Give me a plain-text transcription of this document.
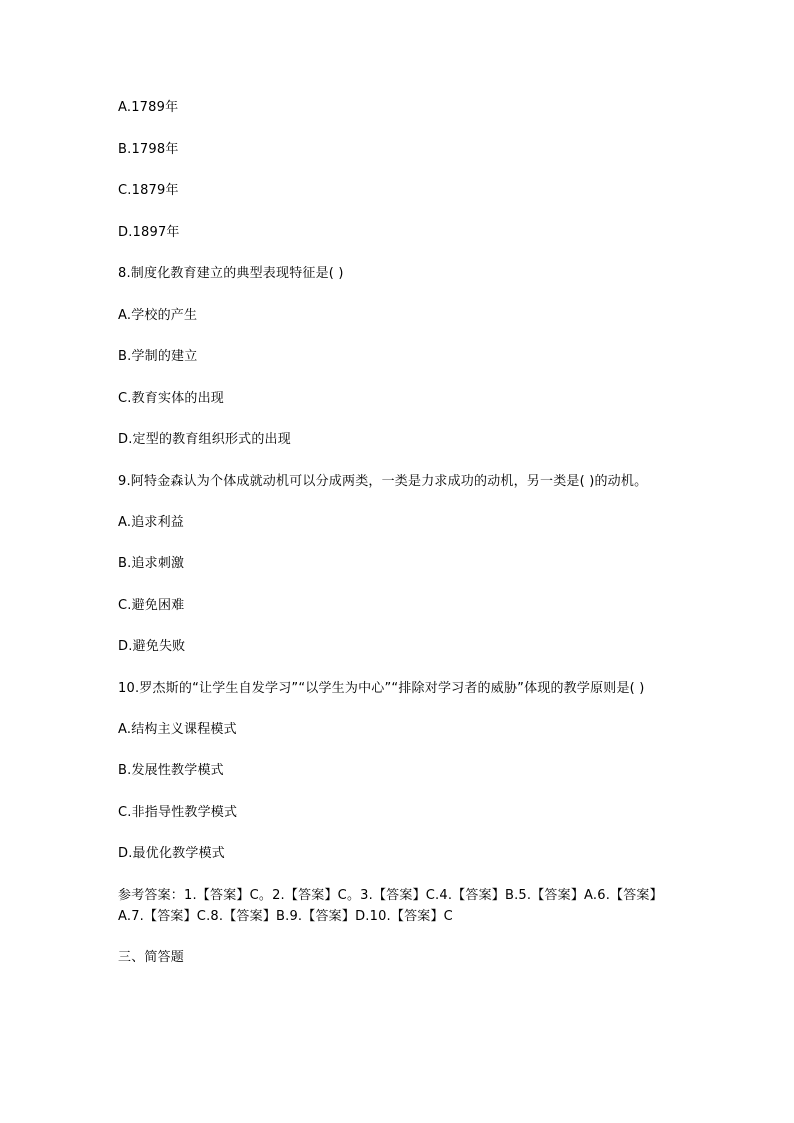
A.1789年

B.1798年

C.1879年

D.1897年

8.制度化教育建立的典型表现特征是( )

A.学校的产生

B.学制的建立

C.教育实体的出现

D.定型的教育组织形式的出现

9.阿特金森认为个体成就动机可以分成两类，一类是力求成功的动机，另一类是( )的动机。

A.追求利益

B.追求刺激

C.避免困难

D.避免失败

10.罗杰斯的“让学生自发学习”“以学生为中心”“排除对学习者的威胁”体现的教学原则是( )

A.结构主义课程模式

B.发展性教学模式

C.非指导性教学模式

D.最优化教学模式

参考答案：1.【答案】C。2.【答案】C。3.【答案】C.4.【答案】B.5.【答案】A.6.【答案】A.7.【答案】C.8.【答案】B.9.【答案】D.10.【答案】C

三、简答题
